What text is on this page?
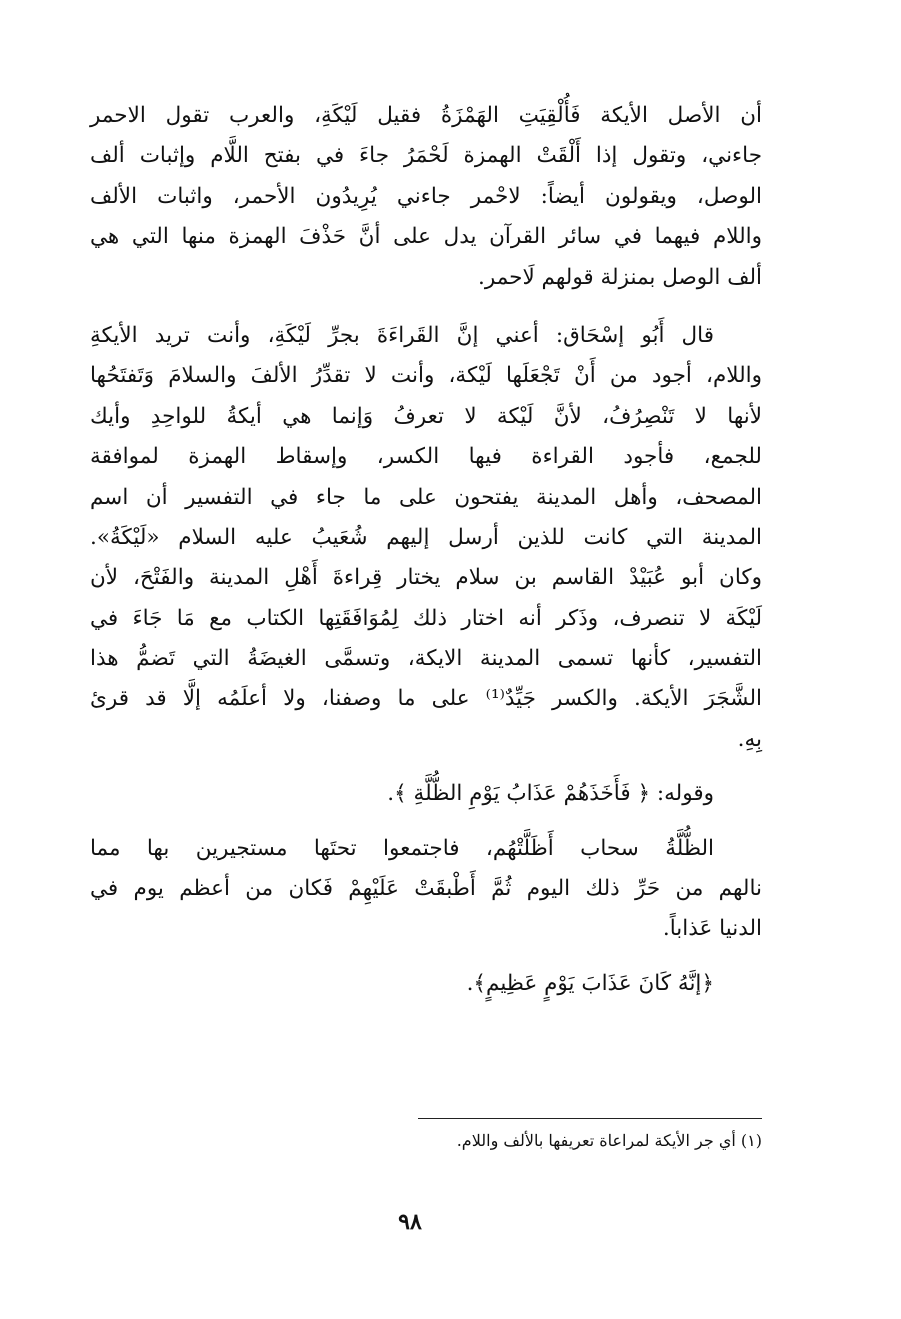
أن الأصل الأيكة فَأُلْقِيَتِ الهَمْزَةُ فقيل لَيْكَةِ، والعرب تقول الاحمر
جاءني، وتقول إذا أَلْقَتْ الهمزة لَحْمَرُ جاءَ في بفتح اللَّام وإثبات ألف
الوصل، ويقولون أيضاً: لاحْمر جاءني يُرِيدُون الأحمر، واثبات الألف
واللام فيهما في سائر القرآن يدل على أنَّ حَذْفَ الهمزة منها التي هي
ألف الوصل بمنزلة قولهم لَاحمر.
قال أَبُو إسْحَاق: أعني إنَّ القَراءَةَ بجرِّ لَيْكَةِ، وأنت تريد الأيكةِ
واللام، أجود من أَنْ تَجْعَلَها لَيْكة، وأنت لا تقدِّرُ الألفَ والسلامَ وَتَفتَحُها
لأنها لا تَنْصِرُفُ، لأنَّ لَيْكة لا تعرفُ وَإنما هي أيكةُ للواحِدِ وأيك
للجمع، فأجود القراءة فيها الكسر، وإسقاط الهمزة لموافقة
المصحف، وأهل المدينة يفتحون على ما جاء في التفسير أن اسم
المدينة التي كانت للذين أرسل إليهم شُعَيبُ عليه السلام «لَيْكَةُ».
وكان أبو عُبَيْدْ القاسم بن سلام يختار قِراءةَ أَهْلِ المدينة والفَتْحَ، لأن
لَيْكَة لا تنصرف، وذَكر أنه اختار ذلك لِمُوَافَقَتِها الكتاب مع مَا جَاءَ في
التفسير، كأنها تسمى المدينة الايكة، وتسمَّى الغيضَةُ التي تَضمُّ هذا
الشَّجَرَ الأيكة. والكسر جَيِّدٌ⁽¹⁾ على ما وصفنا، ولا أعلَمُه إلَّا قد قرئ
بِهِ.
وقوله: ﴿ فَأَخَذَهُمْ عَذَابُ يَوْمِ الظُّلَّةِ ﴾.
الظُّلَّةُ سحاب أَظَلَّتْهُم، فاجتمعوا تحتَها مستجيرين بها مما
نالهم من حَرِّ ذلك اليوم ثُمَّ أَطْبقَتْ عَلَيْهِمْ فَكان من أعظم يوم في
الدنيا عَذاباً.
﴿إنَّهُ كَانَ عَذَابَ يَوْمٍ عَظِيمٍ﴾.
(١) أي جر الأيكة لمراعاة تعريفها بالألف واللام.
٩٨
